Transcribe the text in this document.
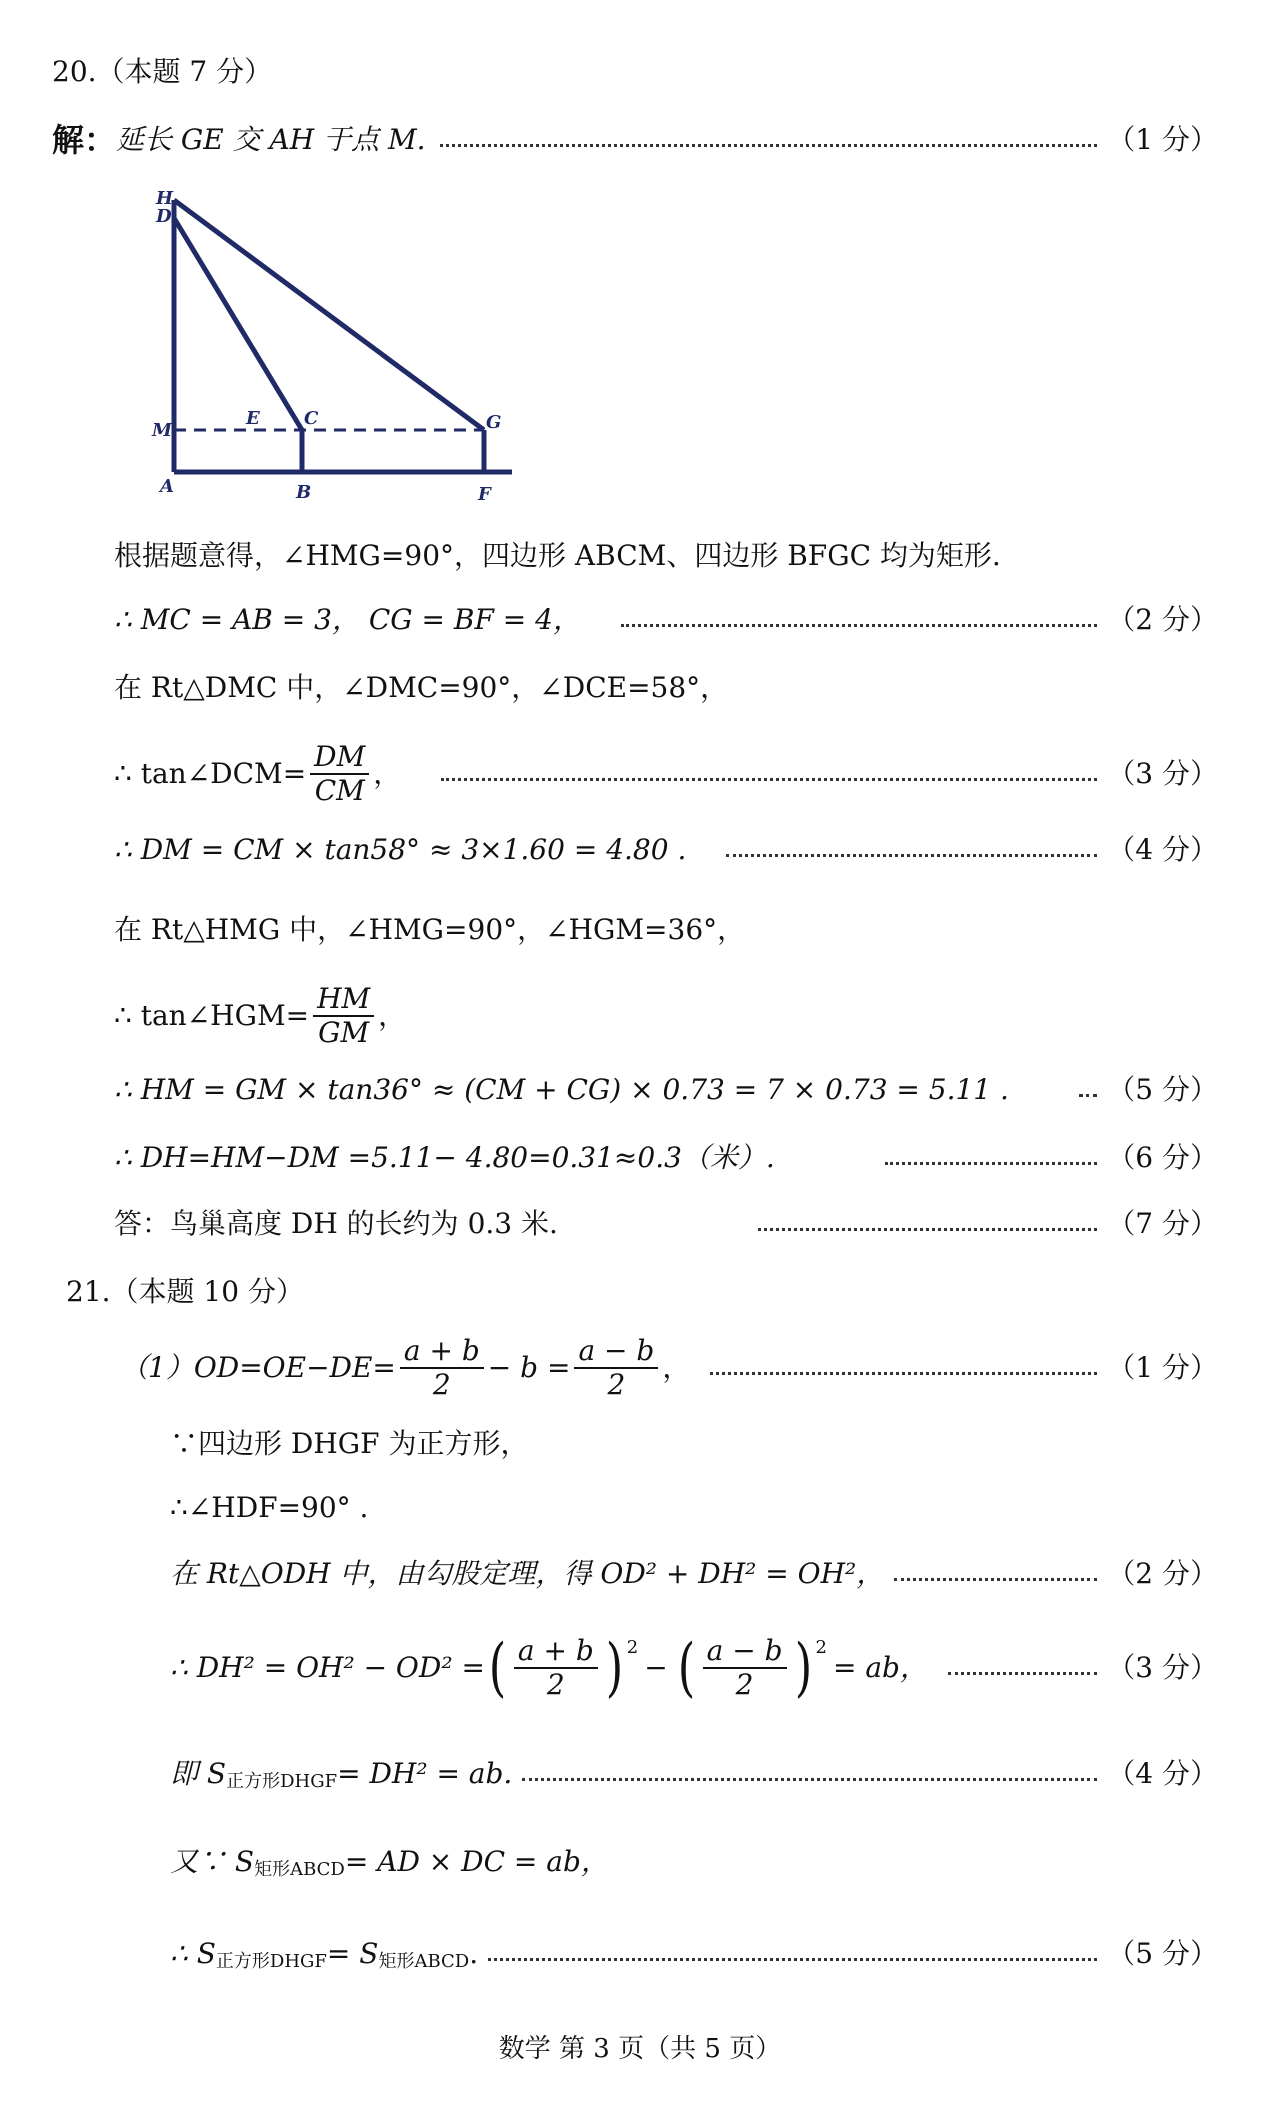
20.（本题 7 分）
解： 延长 GE 交 AH 于点 M.	（1 分）
H
D
M
E C	G
A	B	F
根据题意得，∠HMG=90°，四边形 ABCM、四边形 BFGC 均为矩形.
∴ MC = AB = 3， CG = BF = 4，	（2 分）
在 Rt△DMC 中，∠DMC=90°，∠DCE=58°，
∴ tan∠DCM= $\frac{DM}{CM}$ ，	（3 分）
∴ DM = CM × tan58° ≈ 3×1.60 = 4.80 .	（4 分）
在 Rt△HMG 中，∠HMG=90°，∠HGM=36°，
∴ tan∠HGM= $\frac{HM}{GM}$ ，
∴ HM = GM × tan36° ≈ (CM + CG) × 0.73 = 7 × 0.73 = 5.11 .	（5 分）
∴ DH=HM−DM =5.11− 4.80=0.31≈0.3（米）.	（6 分）
答：鸟巢高度 DH 的长约为 0.3 米.	（7 分）
21.（本题 10 分）
$(1)OD=OE-DE= \frac{a + b}{2} - b = \frac{a - b}{2}$ ，	（1 分）
∵四边形 DHGF 为正方形，
∴∠HDF=90° .
在 Rt△ODH 中，由勾股定理，得 OD² + DH² = OH²，	（2 分）
∴ DH² = OH² − OD² = ( $\frac{a + b}{2} )^2$
− ( $\frac{a - b}{2} )^2$
= ab，	（3 分）
即 $S_{正方形DHGF} = DH^2$ = ab.	（4 分）
又∵ $S_{矩形ABCD}$ = AD × DC = ab，
∴ $S_{正方形DHGF} = S_{矩形ABCD}$ .	（5 分）
数学 第 3 页（共 5 页）
